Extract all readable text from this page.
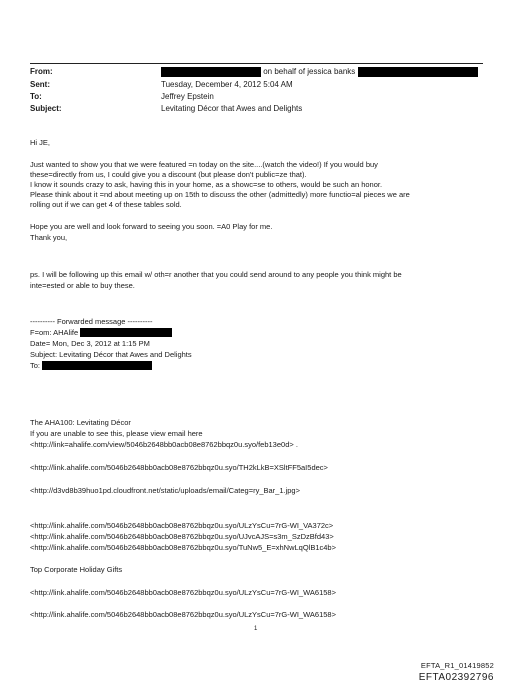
From:	on behalf of jessica banks
Sent:	Tuesday, December 4, 2012 5:04 AM
To:	Jeffrey Epstein
Subject:	Levitating Décor that Awes and Delights
Hi JE,
Just wanted to show you that we were featured =n today on the site....(watch the video!) If you would buy
these=directly from us, I could give you a discount (but please don't public=ze that).
I know it sounds crazy to ask, having this in your home, as a showc=se to others, would be such an honor.
Please think about it =nd about meeting up on 15th to discuss the other (admittedly) more functio=al pieces we are
rolling out if we can get 4 of these tables sold.
Hope you are well and look forward to seeing you soon. =A0 Play for me.
Thank you,
ps. I will be following up this email w/ oth=r another that you could send around to any people you think might be
inte=ested or able to buy these.
---------- Forwarded message ----------
F=om: AHAlife
Date= Mon, Dec 3, 2012 at 1:15 PM
Subject: Levitating Décor that Awes and Delights
To:
The AHA100: Levitating Décor
If you are unable to see this, please view email here
<http://link=ahalife.com/view/5046b2648bb0acb08e8762bbqz0u.syo/feb13e0d> .
<http://link.ahalife.com/5046b2648bb0acb08e8762bbqz0u.syo/TH2kLkB=XSltFF5aI5dec>
<http://d3vd8b39huo1pd.cloudfront.net/static/uploads/email/Categ=ry_Bar_1.jpg>
<http://link.ahalife.com/5046b2648bb0acb08e8762bbqz0u.syo/ULzYsCu=7rG-WI_VA372c>
<http://link.ahalife.com/5046b2648bb0acb08e8762bbqz0u.syo/UJvcAJS=s3m_SzDzBfd43>
<http://link.ahalife.com/5046b2648bb0acb08e8762bbqz0u.syo/TuNw5_E=xhNwLqQlB1c4b>
Top Corporate Holiday Gifts
<http://link.ahalife.com/5046b2648bb0acb08e8762bbqz0u.syo/ULzYsCu=7rG-WI_WA6158>
<http://link.ahalife.com/5046b2648bb0acb08e8762bbqz0u.syo/ULzYsCu=7rG-WI_WA6158>
1
EFTA_R1_01419852
EFTA02392796
